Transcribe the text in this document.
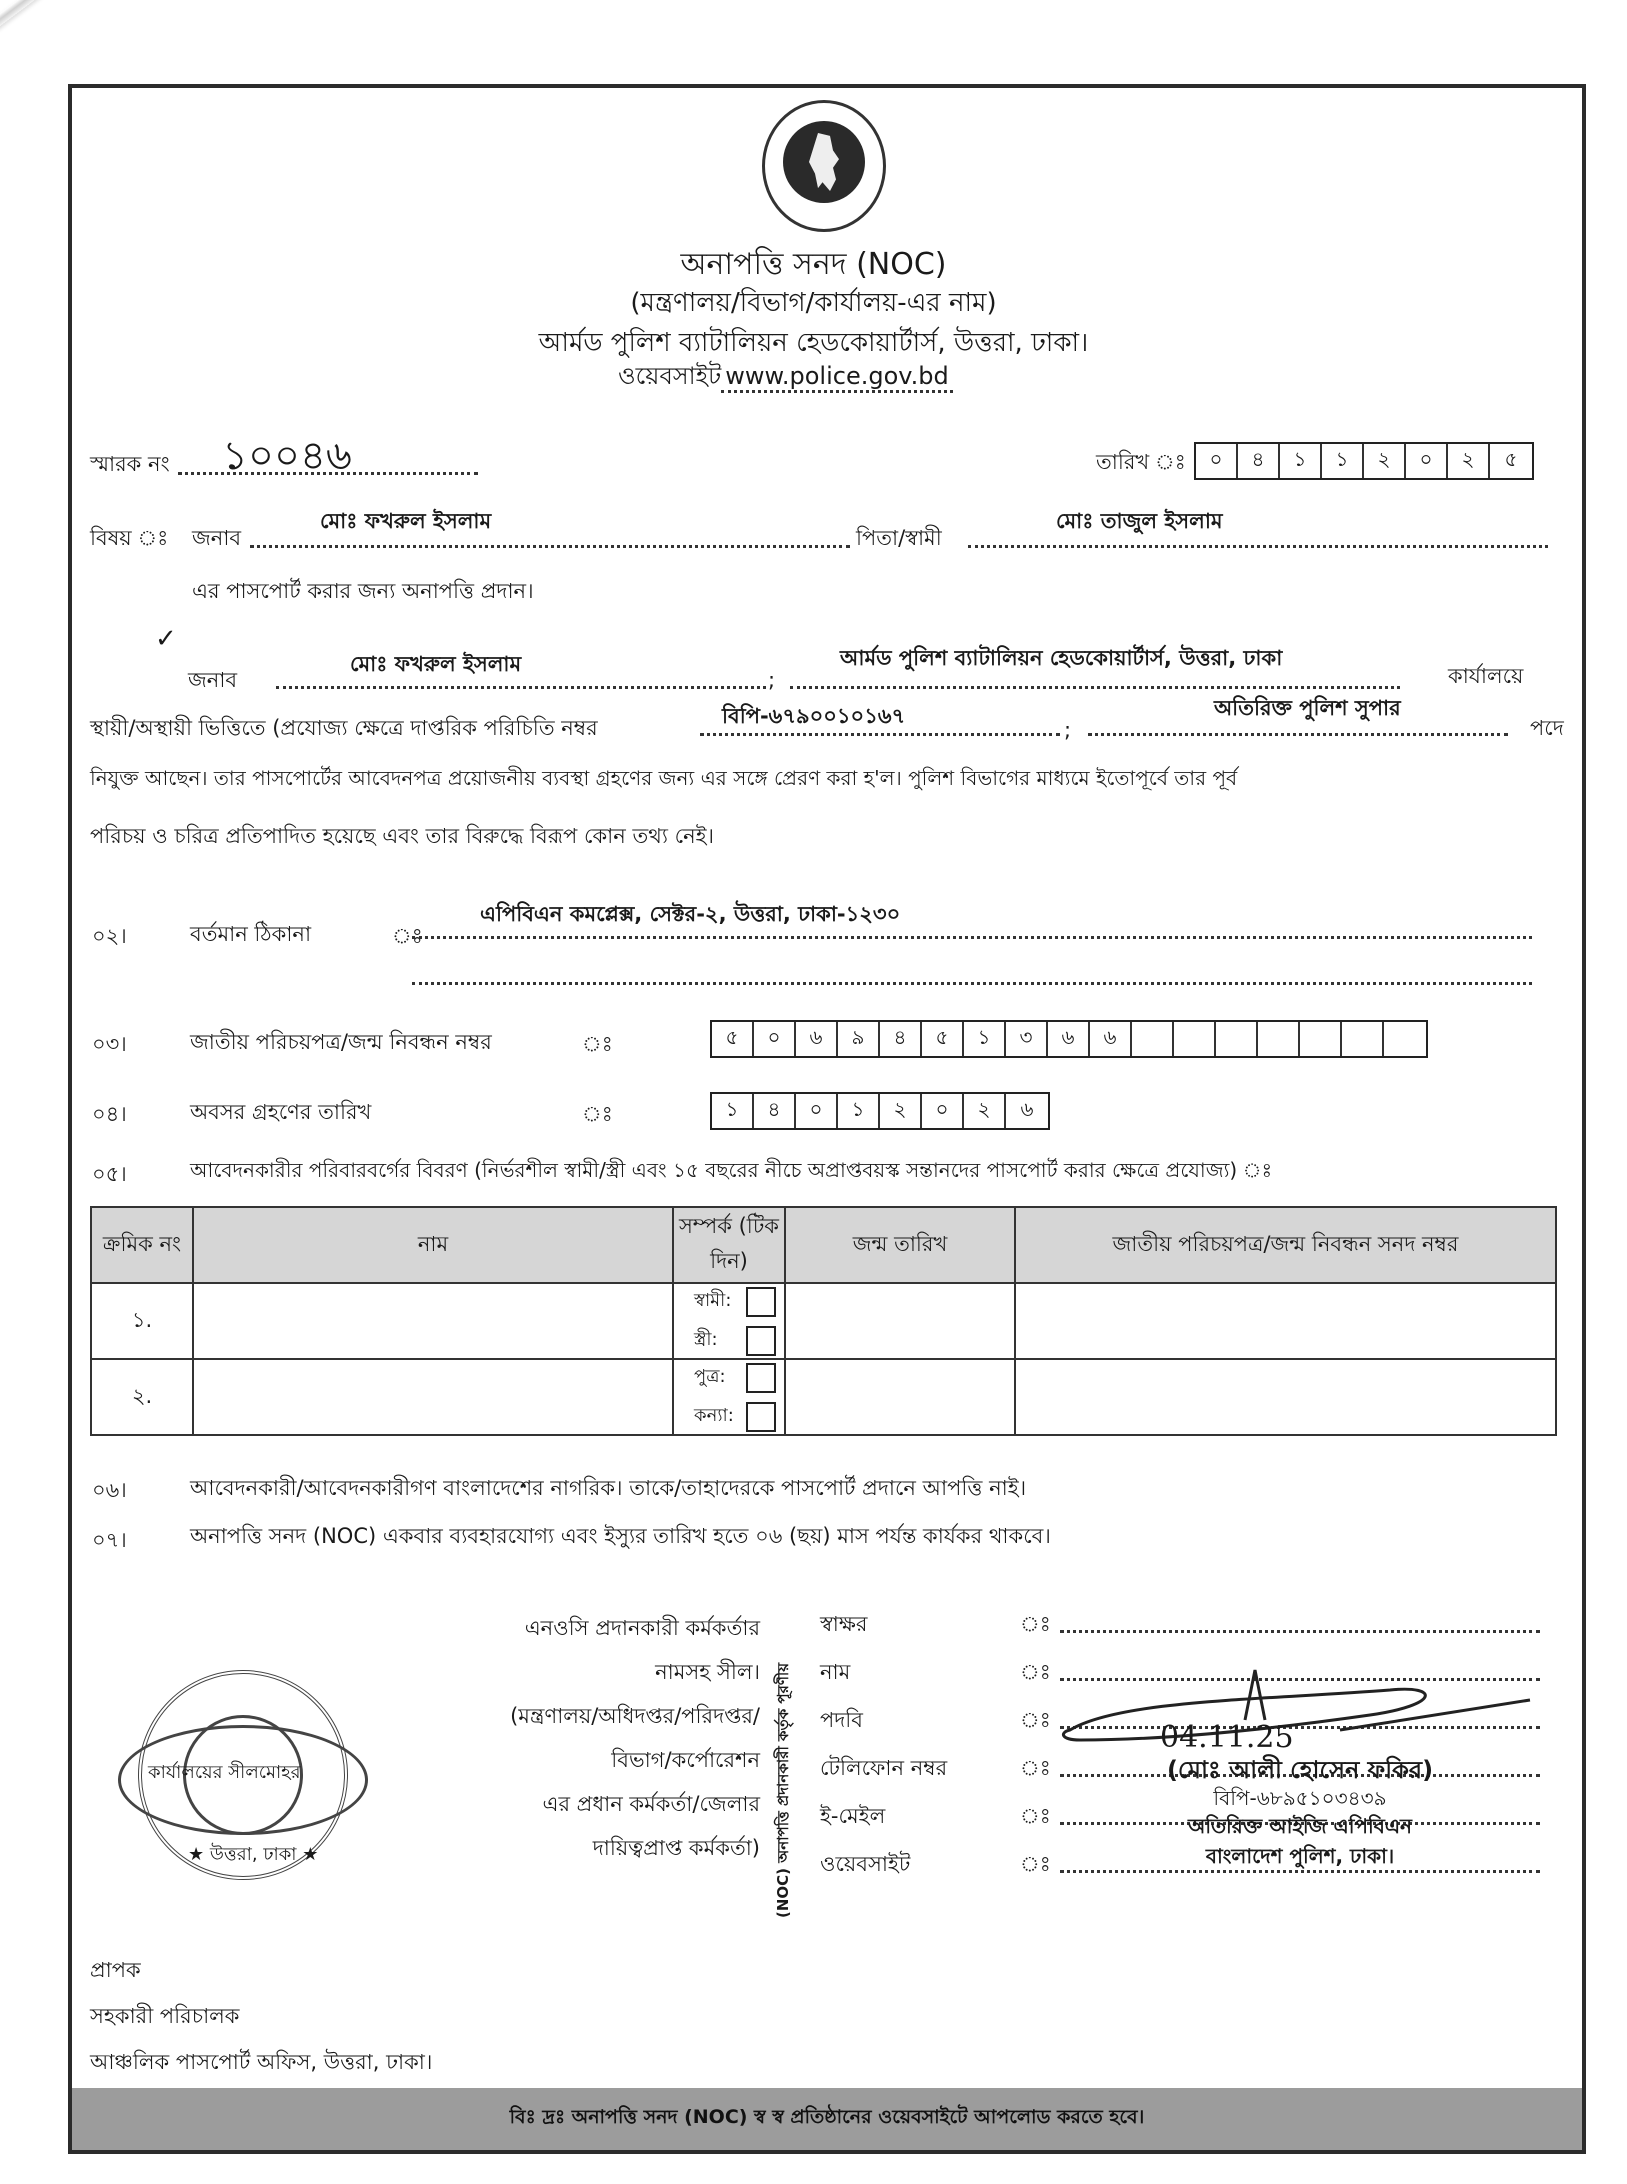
অনাপত্তি সনদ (NOC)
(মন্ত্রণালয়/বিভাগ/কার্যালয়-এর নাম)
আর্মড পুলিশ ব্যাটালিয়ন হেডকোয়ার্টার্স, উত্তরা, ঢাকা।
ওয়েবসাইট www.police.gov.bd
স্মারক নং ১০০৪৬	তারিখ ঃ	০	৪	১	১	২	০	২	৫
বিষয় ঃ জনাব
মোঃ ফখরুল ইসলাম
পিতা/স্বামী
মোঃ তাজুল ইসলাম
এর পাসপোর্ট করার জন্য অনাপত্তি প্রদান।
✓
জনাব
মোঃ ফখরুল ইসলাম
;
আর্মড পুলিশ ব্যাটালিয়ন হেডকোয়ার্টার্স, উত্তরা, ঢাকা
কার্যালয়ে
স্থায়ী/অস্থায়ী ভিত্তিতে (প্রযোজ্য ক্ষেত্রে দাপ্তরিক পরিচিতি নম্বর	বিপি-৬৭৯০০১০১৬৭
;
অতিরিক্ত পুলিশ সুপার
পদে
নিযুক্ত আছেন। তার পাসপোর্টের আবেদনপত্র প্রয়োজনীয় ব্যবস্থা গ্রহণের জন্য এর সঙ্গে প্রেরণ করা হ'ল। পুলিশ বিভাগের মাধ্যমে ইতোপূর্বে তার পূর্ব
পরিচয় ও চরিত্র প্রতিপাদিত হয়েছে এবং তার বিরুদ্ধে বিরূপ কোন তথ্য নেই।
০২।	বর্তমান ঠিকানা	ঃ
এপিবিএন কমপ্লেক্স, সেক্টর-২, উত্তরা, ঢাকা-১২৩০
০৩।	জাতীয় পরিচয়পত্র/জন্ম নিবন্ধন নম্বর	ঃ	৫	০	৬	৯	৪	৫	১	৩	৬	৬
০৪।	অবসর গ্রহণের তারিখ	ঃ	১	৪	০	১	২	০	২	৬
০৫।	আবেদনকারীর পরিবারবর্গের বিবরণ (নির্ভরশীল স্বামী/স্ত্রী এবং ১৫ বছরের নীচে অপ্রাপ্তবয়স্ক সন্তানদের পাসপোর্ট করার ক্ষেত্রে প্রযোজ্য) ঃ
ক্রমিক নং	নাম	সম্পর্ক (টিক দিন)	জন্ম তারিখ	জাতীয় পরিচয়পত্র/জন্ম নিবন্ধন সনদ নম্বর
১.		স্বামী:
স্ত্রী:		

২.		পুত্র:
কন্যা:		

০৬।	আবেদনকারী/আবেদনকারীগণ বাংলাদেশের নাগরিক। তাকে/তাহাদেরকে পাসপোর্ট প্রদানে আপত্তি নাই।
০৭।	অনাপত্তি সনদ (NOC) একবার ব্যবহারযোগ্য এবং ইস্যুর তারিখ হতে ০৬ (ছয়) মাস পর্যন্ত কার্যকর থাকবে।
এনওসি প্রদানকারী কর্মকর্তার
নামসহ সীল।
(মন্ত্রণালয়/অধিদপ্তর/পরিদপ্তর/
বিভাগ/কর্পোরেশন
এর প্রধান কর্মকর্তা/জেলার
দায়িত্বপ্রাপ্ত কর্মকর্তা) (NOC) অনাপত্তি প্রদানকারী কর্তৃক পূরণীয়
স্বাক্ষর	ঃ
নাম	ঃ
পদবি	ঃ
টেলিফোন নম্বর	ঃ
ই-মেইল	ঃ
ওয়েবসাইট	ঃ
04.11.25
(মোঃ আলী হোসেন ফকির)
বিপি-৬৮৯৫১০৩৪৩৯
অতিরিক্ত আইজি এপিবিএন
বাংলাদেশ পুলিশ, ঢাকা।
কার্যালয়ের সীলমোহর
★ উত্তরা, ঢাকা ★
প্রাপক
সহকারী পরিচালক
আঞ্চলিক পাসপোর্ট অফিস, উত্তরা, ঢাকা।
বিঃ দ্রঃ অনাপত্তি সনদ (NOC) স্ব স্ব প্রতিষ্ঠানের ওয়েবসাইটে আপলোড করতে হবে।
